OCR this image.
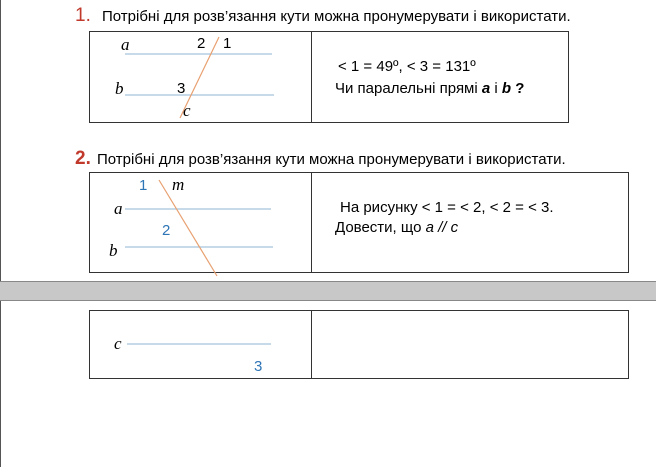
1. Потрібні для розв’язання кути можна пронумерувати і використати.
a	2 1
b	3
c
< 1 = 49º, < 3 = 131º
Чи паралельні прямі a і b ?
2. Потрібні для розв’язання кути можна пронумерувати і використати.
1 m
a
2
b
На рисунку < 1 = < 2, < 2 = < 3.
Довести, що a // c
c
3
